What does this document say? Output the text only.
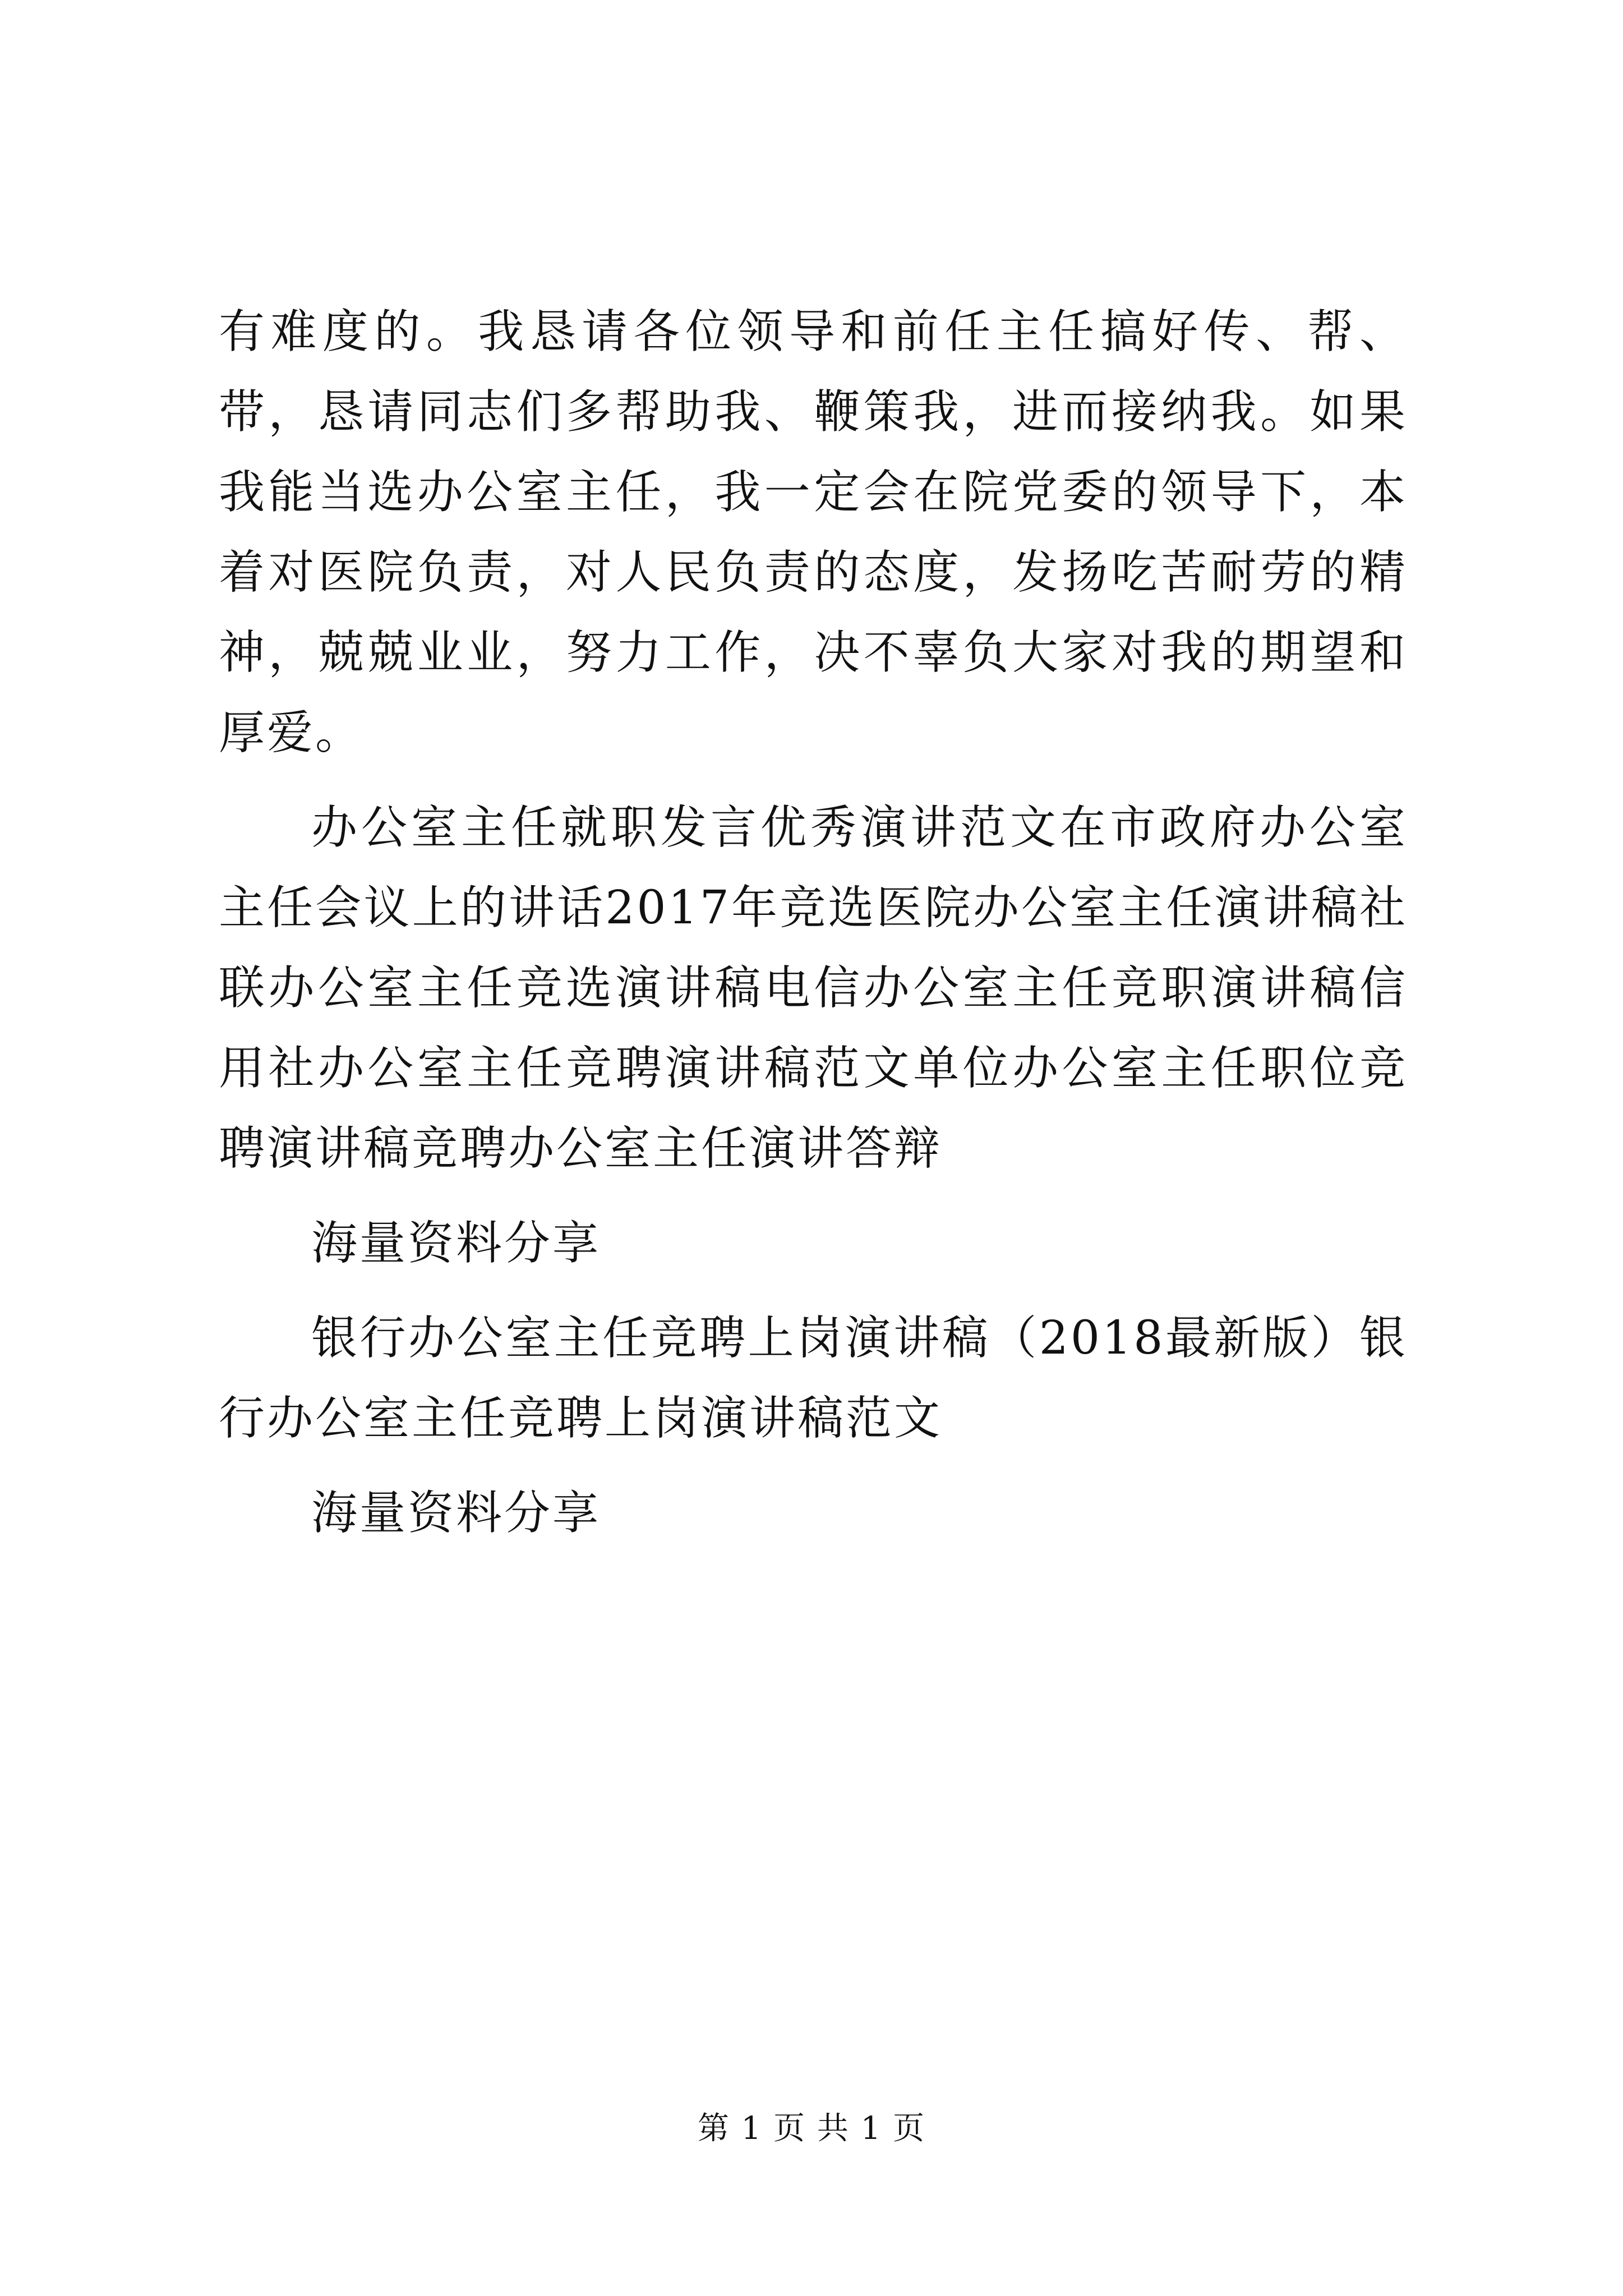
有难度的。我恳请各位领导和前任主任搞好传、帮、带，恳请同志们多帮助我、鞭策我，进而接纳我。如果我能当选办公室主任，我一定会在院党委的领导下，本着对医院负责，对人民负责的态度，发扬吃苦耐劳的精神，兢兢业业，努力工作，决不辜负大家对我的期望和厚爱。

办公室主任就职发言优秀演讲范文在市政府办公室主任会议上的讲话2017年竞选医院办公室主任演讲稿社联办公室主任竞选演讲稿电信办公室主任竞职演讲稿信用社办公室主任竞聘演讲稿范文单位办公室主任职位竞聘演讲稿竞聘办公室主任演讲答辩

海量资料分享

银行办公室主任竞聘上岗演讲稿（2018最新版）银行办公室主任竞聘上岗演讲稿范文

海量资料分享

第 1 页 共 1 页
